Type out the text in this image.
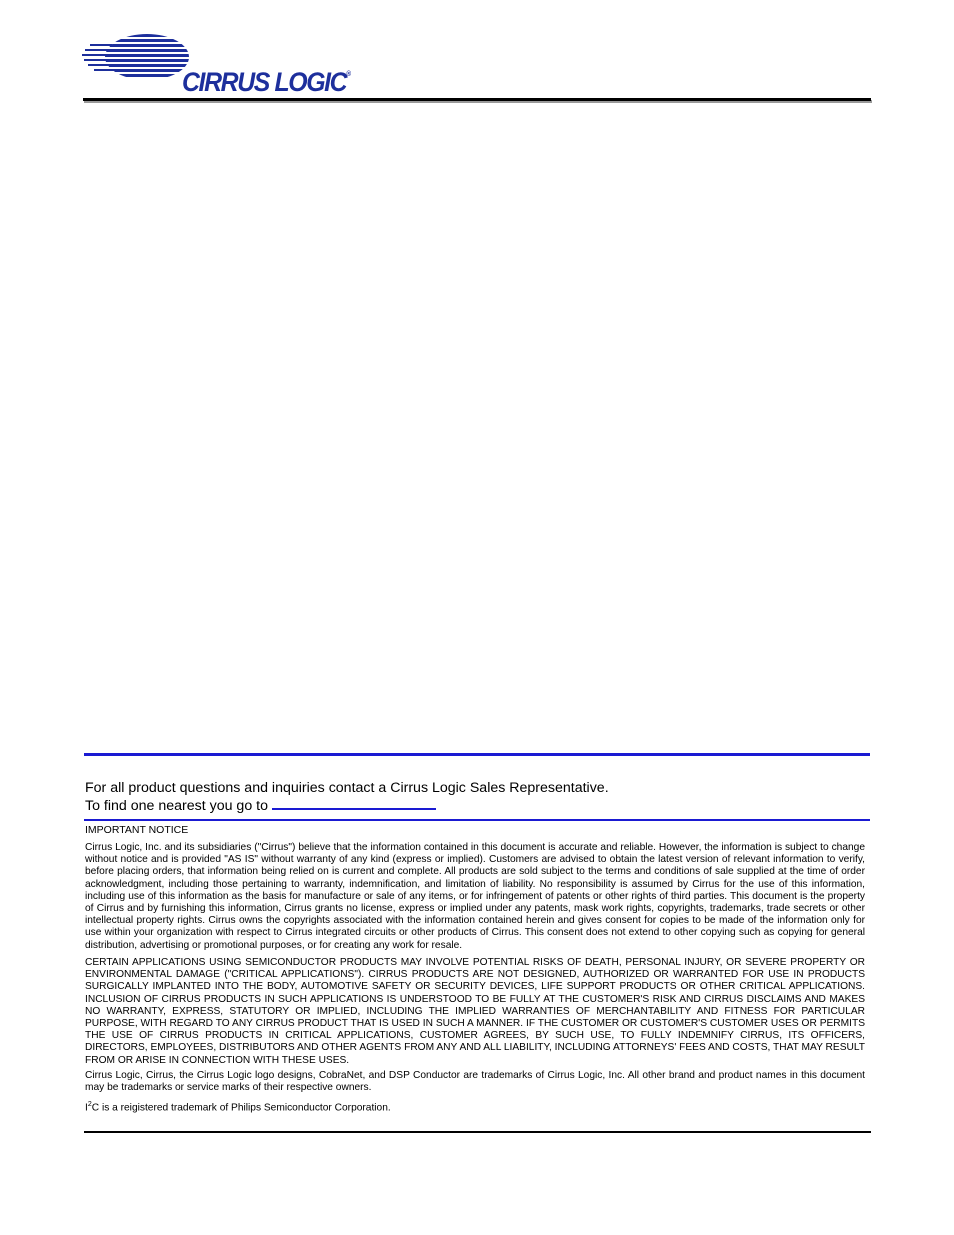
CIRRUS LOGIC®
For all product questions and inquiries contact a Cirrus Logic Sales Representative.
To find one nearest you go to
IMPORTANT NOTICE

Cirrus Logic, Inc. and its subsidiaries ("Cirrus") believe that the information contained in this document is accurate and reliable. However, the information is subject to change without notice and is provided "AS IS" without warranty of any kind (express or implied). Customers are advised to obtain the latest version of relevant information to verify, before placing orders, that information being relied on is current and complete. All products are sold subject to the terms and conditions of sale supplied at the time of order acknowledgment, including those pertaining to warranty, indemnification, and limitation of liability. No responsibility is assumed by Cirrus for the use of this information, including use of this information as the basis for manufacture or sale of any items, or for infringement of patents or other rights of third parties. This document is the property of Cirrus and by furnishing this information, Cirrus grants no license, express or implied under any patents, mask work rights, copyrights, trademarks, trade secrets or other intellectual property rights. Cirrus owns the copyrights associated with the information contained herein and gives consent for copies to be made of the information only for use within your organization with respect to Cirrus integrated circuits or other products of Cirrus. This consent does not extend to other copying such as copying for general distribution, advertising or promotional purposes, or for creating any work for resale.

CERTAIN APPLICATIONS USING SEMICONDUCTOR PRODUCTS MAY INVOLVE POTENTIAL RISKS OF DEATH, PERSONAL INJURY, OR SEVERE PROPERTY OR ENVIRONMENTAL DAMAGE ("CRITICAL APPLICATIONS"). CIRRUS PRODUCTS ARE NOT DESIGNED, AUTHORIZED OR WARRANTED FOR USE IN PRODUCTS SURGICALLY IMPLANTED INTO THE BODY, AUTOMOTIVE SAFETY OR SECURITY DEVICES, LIFE SUPPORT PRODUCTS OR OTHER CRITICAL APPLICATIONS. INCLUSION OF CIRRUS PRODUCTS IN SUCH APPLICATIONS IS UNDERSTOOD TO BE FULLY AT THE CUSTOMER'S RISK AND CIRRUS DISCLAIMS AND MAKES NO WARRANTY, EXPRESS, STATUTORY OR IMPLIED, INCLUDING THE IMPLIED WARRANTIES OF MERCHANTABILITY AND FITNESS FOR PARTICULAR PURPOSE, WITH REGARD TO ANY CIRRUS PRODUCT THAT IS USED IN SUCH A MANNER. IF THE CUSTOMER OR CUSTOMER'S CUSTOMER USES OR PERMITS THE USE OF CIRRUS PRODUCTS IN CRITICAL APPLICATIONS, CUSTOMER AGREES, BY SUCH USE, TO FULLY INDEMNIFY CIRRUS, ITS OFFICERS, DIRECTORS, EMPLOYEES, DISTRIBUTORS AND OTHER AGENTS FROM ANY AND ALL LIABILITY, INCLUDING ATTORNEYS' FEES AND COSTS, THAT MAY RESULT FROM OR ARISE IN CONNECTION WITH THESE USES.

Cirrus Logic, Cirrus, the Cirrus Logic logo designs, CobraNet, and DSP Conductor are trademarks of Cirrus Logic, Inc. All other brand and product names in this document may be trademarks or service marks of their respective owners.

$I^2C$ is a reigistered trademark of Philips Semiconductor Corporation.
